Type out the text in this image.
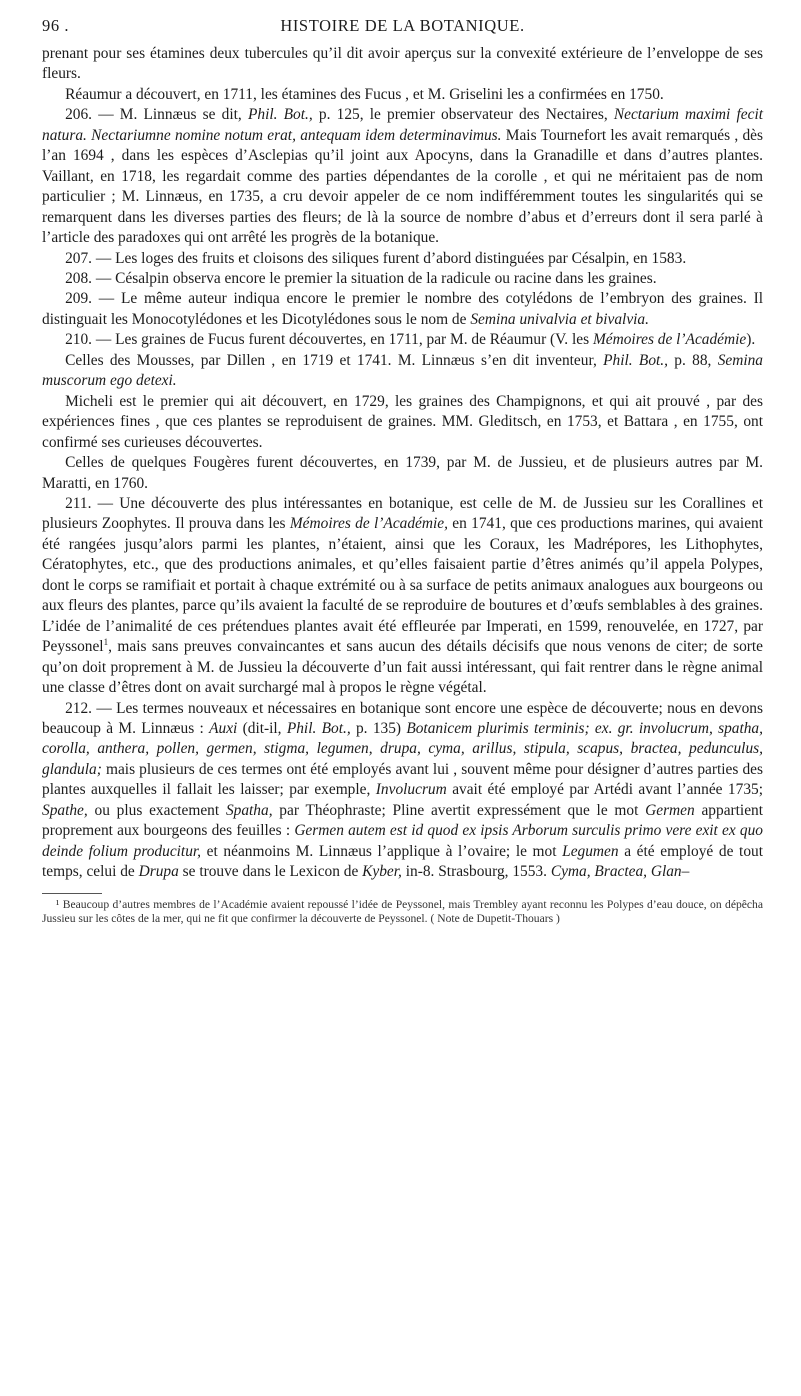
96 .	HISTOIRE DE LA BOTANIQUE.

prenant pour ses étamines deux tubercules qu’il dit avoir aperçus sur la convexité extérieure de l’enveloppe de ses fleurs.

Réaumur a découvert, en 1711, les étamines des Fucus , et M. Griselini les a confirmées en 1750.

206. — M. Linnæus se dit, Phil. Bot., p. 125, le premier observateur des Nectaires, Nectarium maximi fecit natura. Nectariumne nomine notum erat, antequam idem determinavimus. Mais Tournefort les avait remarqués , dès l’an 1694 , dans les espèces d’Asclepias qu’il joint aux Apocyns, dans la Granadille et dans d’autres plantes. Vaillant, en 1718, les regardait comme des parties dépendantes de la corolle , et qui ne méritaient pas de nom particulier ; M. Linnæus, en 1735, a cru devoir appeler de ce nom indifféremment toutes les singularités qui se remarquent dans les diverses parties des fleurs; de là la source de nombre d’abus et d’erreurs dont il sera parlé à l’article des paradoxes qui ont arrêté les progrès de la botanique.

207. — Les loges des fruits et cloisons des siliques furent d’abord distinguées par Césalpin, en 1583.

208. — Césalpin observa encore le premier la situation de la radicule ou racine dans les graines.

209. — Le même auteur indiqua encore le premier le nombre des cotylédons de l’embryon des graines. Il distinguait les Monocotylédones et les Dicotylédones sous le nom de Semina univalvia et bivalvia.

210. — Les graines de Fucus furent découvertes, en 1711, par M. de Réaumur (V. les Mémoires de l’Académie).

Celles des Mousses, par Dillen , en 1719 et 1741. M. Linnæus s’en dit inventeur, Phil. Bot., p. 88, Semina muscorum ego detexi.

Micheli est le premier qui ait découvert, en 1729, les graines des Champignons, et qui ait prouvé , par des expériences fines , que ces plantes se reproduisent de graines. MM. Gleditsch, en 1753, et Battara , en 1755, ont confirmé ses curieuses découvertes.

Celles de quelques Fougères furent découvertes, en 1739, par M. de Jussieu, et de plusieurs autres par M. Maratti, en 1760.

211. — Une découverte des plus intéressantes en botanique, est celle de M. de Jussieu sur les Corallines et plusieurs Zoophytes. Il prouva dans les Mémoires de l’Académie, en 1741, que ces productions marines, qui avaient été rangées jusqu’alors parmi les plantes, n’étaient, ainsi que les Coraux, les Madrépores, les Lithophytes, Cératophytes, etc., que des productions animales, et qu’elles faisaient partie d’êtres animés qu’il appela Polypes, dont le corps se ramifiait et portait à chaque extrémité ou à sa surface de petits animaux analogues aux bourgeons ou aux fleurs des plantes, parce qu’ils avaient la faculté de se reproduire de boutures et d’œufs semblables à des graines. L’idée de l’animalité de ces prétendues plantes avait été effleurée par Imperati, en 1599, renouvelée, en 1727, par Peyssonel$^1$, mais sans preuves convaincantes et sans aucun des détails décisifs que nous venons de citer; de sorte qu’on doit proprement à M. de Jussieu la découverte d’un fait aussi intéressant, qui fait rentrer dans le règne animal une classe d’êtres dont on avait surchargé mal à propos le règne végétal.

212. — Les termes nouveaux et nécessaires en botanique sont encore une espèce de découverte; nous en devons beaucoup à M. Linnæus : Auxi (dit-il, Phil. Bot., p. 135) Botanicem plurimis terminis; ex. gr. involucrum, spatha, corolla, anthera, pollen, germen, stigma, legumen, drupa, cyma, arillus, stipula, scapus, bractea, pedunculus, glandula; mais plusieurs de ces termes ont été employés avant lui , souvent même pour désigner d’autres parties des plantes auxquelles il fallait les laisser; par exemple, Involucrum avait été employé par Artédi avant l’année 1735; Spathe, ou plus exactement Spatha, par Théophraste; Pline avertit expressément que le mot Germen appartient proprement aux bourgeons des feuilles : Germen autem est id quod ex ipsis Arborum surculis primo vere exit ex quo deinde folium producitur, et néanmoins M. Linnæus l’applique à l’ovaire; le mot Legumen a été employé de tout temps, celui de Drupa se trouve dans le Lexicon de Kyber, in-8. Strasbourg, 1553. Cyma, Bractea, Glan–

¹ Beaucoup d’autres membres de l’Académie avaient repoussé l’idée de Peyssonel, mais Trembley ayant reconnu les Polypes d’eau douce, on dépêcha Jussieu sur les côtes de la mer, qui ne fit que confirmer la découverte de Peyssonel. ( Note de Dupetit-Thouars )
